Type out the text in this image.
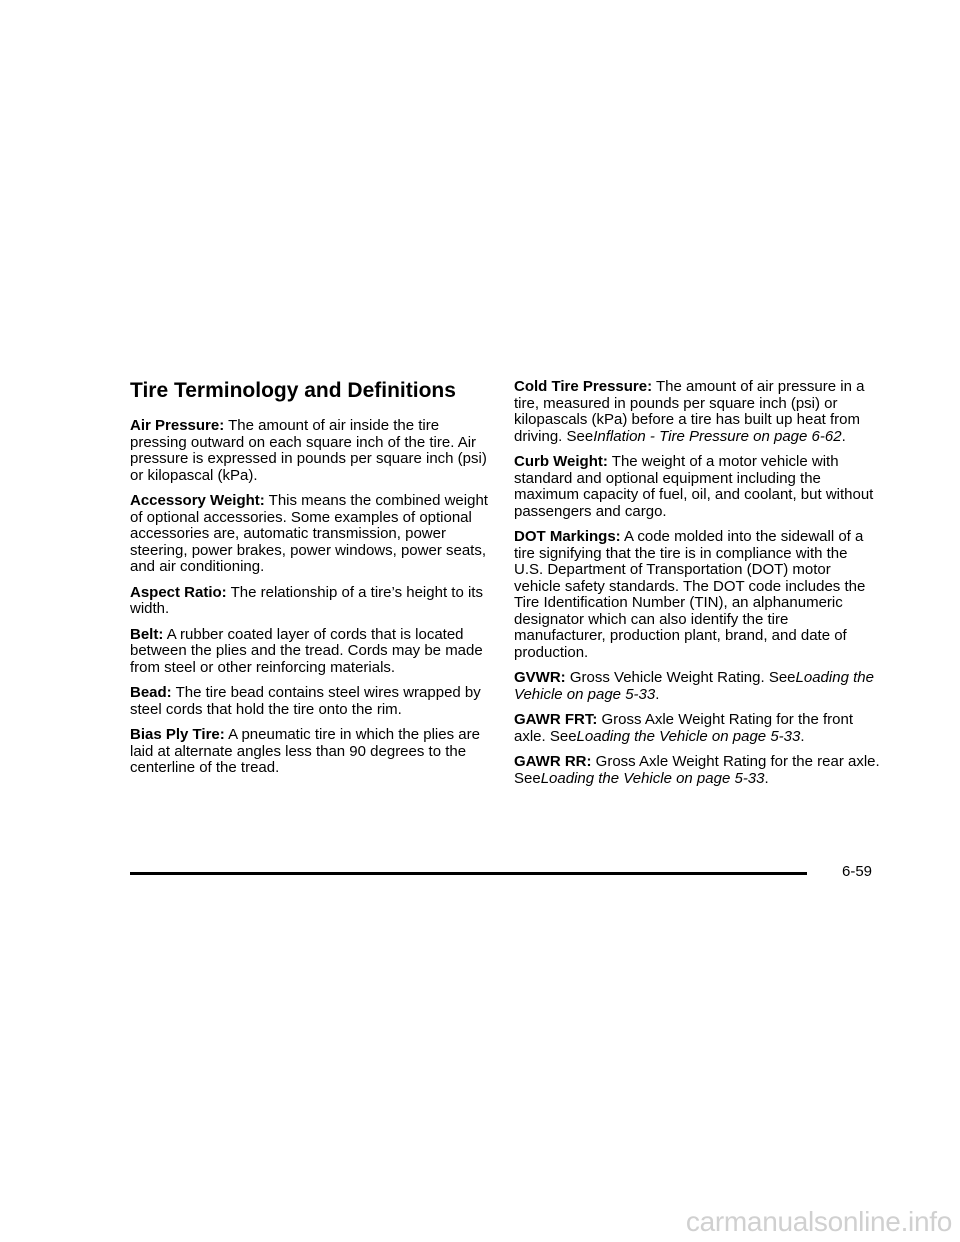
Tire Terminology and Definitions

Air Pressure: The amount of air inside the tire pressing outward on each square inch of the tire. Air pressure is expressed in pounds per square inch (psi) or kilopascal (kPa).

Accessory Weight: This means the combined weight of optional accessories. Some examples of optional accessories are, automatic transmission, power steering, power brakes, power windows, power seats, and air conditioning.

Aspect Ratio: The relationship of a tire’s height to its width.

Belt: A rubber coated layer of cords that is located between the plies and the tread. Cords may be made from steel or other reinforcing materials.

Bead: The tire bead contains steel wires wrapped by steel cords that hold the tire onto the rim.

Bias Ply Tire: A pneumatic tire in which the plies are laid at alternate angles less than 90 degrees to the centerline of the tread.

Cold Tire Pressure: The amount of air pressure in a tire, measured in pounds per square inch (psi) or kilopascals (kPa) before a tire has built up heat from driving. SeeInflation - Tire Pressure on page 6-62.

Curb Weight: The weight of a motor vehicle with standard and optional equipment including the maximum capacity of fuel, oil, and coolant, but without passengers and cargo.

DOT Markings: A code molded into the sidewall of a tire signifying that the tire is in compliance with the U.S. Department of Transportation (DOT) motor vehicle safety standards. The DOT code includes the Tire Identification Number (TIN), an alphanumeric designator which can also identify the tire manufacturer, production plant, brand, and date of production.

GVWR: Gross Vehicle Weight Rating. SeeLoading the Vehicle on page 5-33.

GAWR FRT: Gross Axle Weight Rating for the front axle. SeeLoading the Vehicle on page 5-33.

GAWR RR: Gross Axle Weight Rating for the rear axle. SeeLoading the Vehicle on page 5-33.

6-59
carmanualsonline.info
